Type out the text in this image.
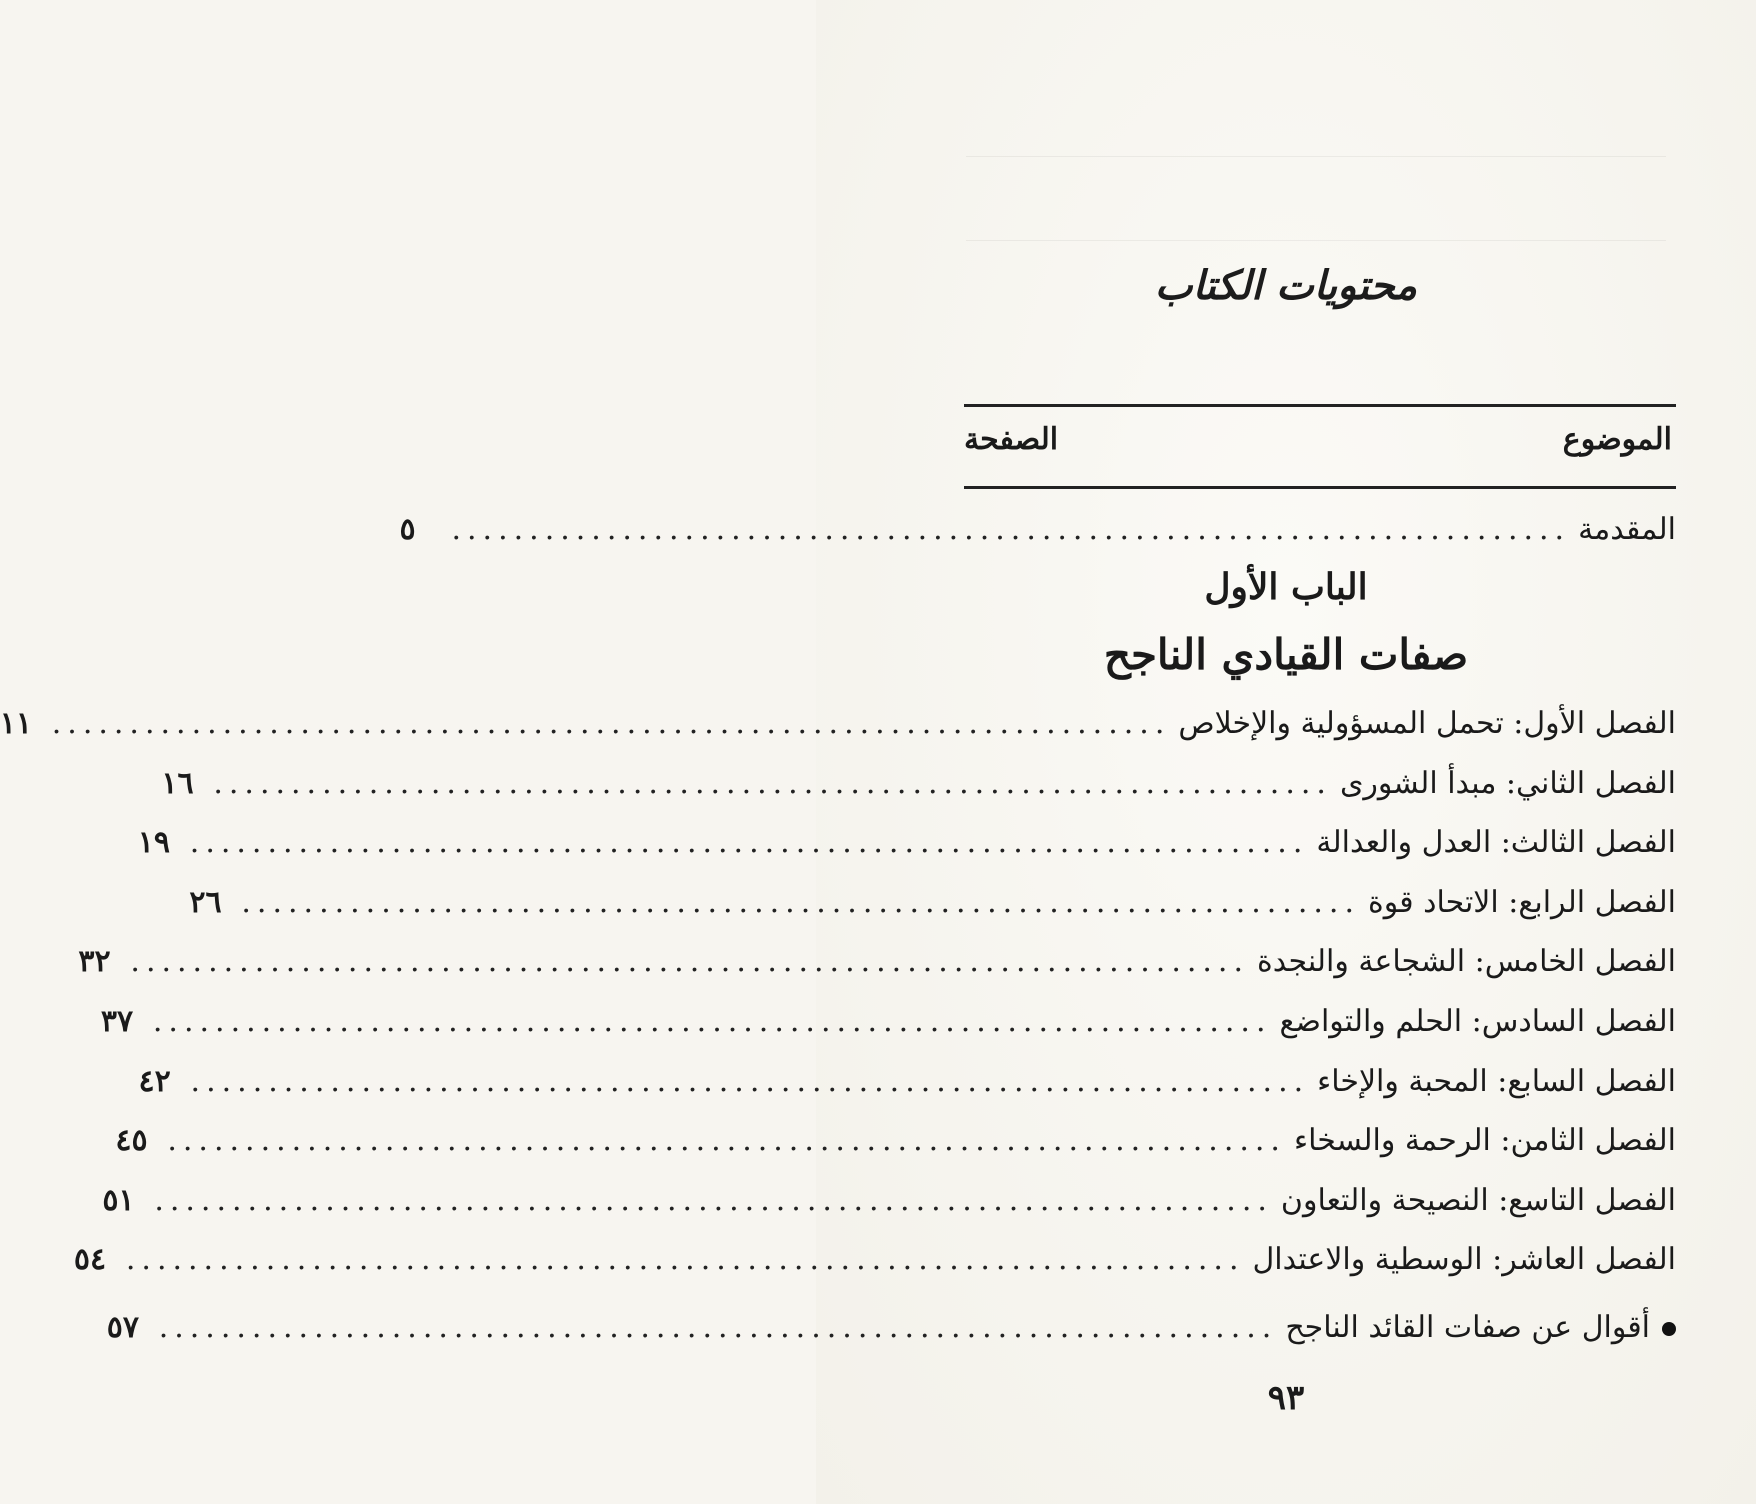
محتويات الكتاب
الموضوع
الصفحة
المقدمة
........................................................................
٥
الباب الأول
صفات القيادي الناجح
الفصل الأول: تحمل المسؤولية والإخلاص
........................................................................
١١
الفصل الثاني: مبدأ الشورى
........................................................................
١٦
الفصل الثالث: العدل والعدالة
........................................................................
١٩
الفصل الرابع: الاتحاد قوة
........................................................................
٢٦
الفصل الخامس: الشجاعة والنجدة
........................................................................
٣٢
الفصل السادس: الحلم والتواضع
........................................................................
٣٧
الفصل السابع: المحبة والإخاء
........................................................................
٤٢
الفصل الثامن: الرحمة والسخاء
........................................................................
٤٥
الفصل التاسع: النصيحة والتعاون
........................................................................
٥١
الفصل العاشر: الوسطية والاعتدال
........................................................................
٥٤
أقوال عن صفات القائد الناجح
........................................................................
٥٧
٩٣
